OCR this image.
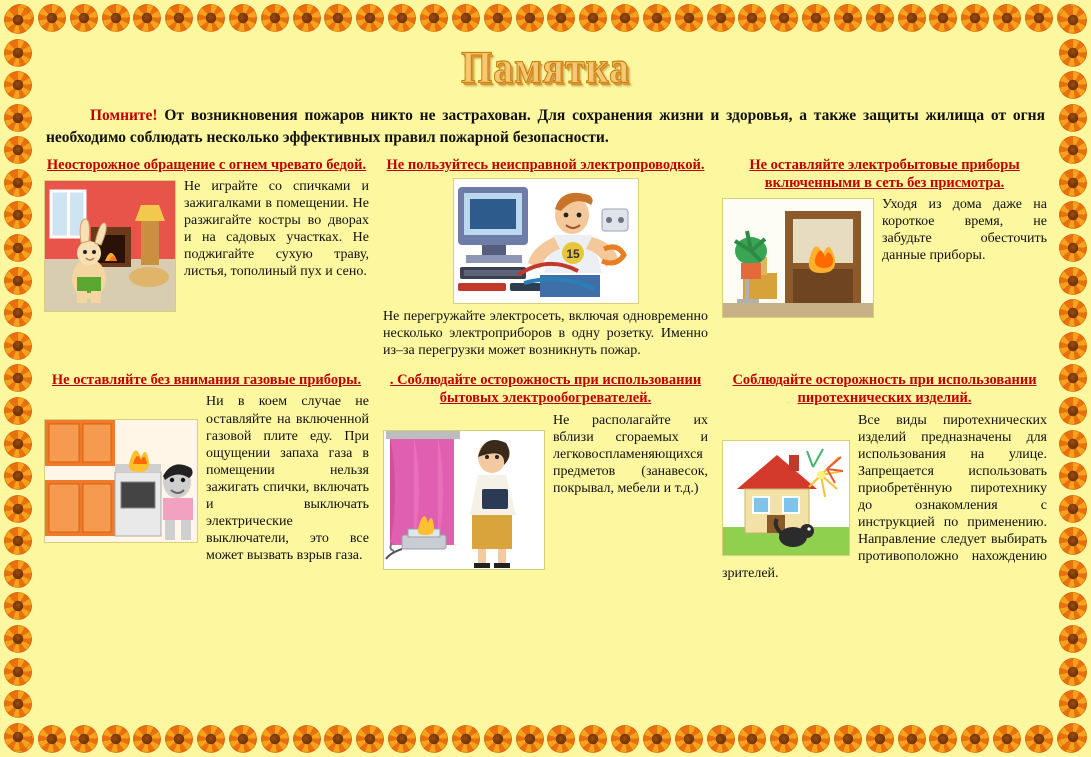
Памятка
Помните! От возникновения пожаров никто не застрахован. Для сохранения жизни и здоровья, а также защиты жилища от огня необходимо соблюдать несколько эффективных правил пожарной безопасности.
Неосторожное обращение с огнем чревато бедой.
Не играйте со спичками и зажигалками в помещении. Не разжигайте костры во дворах и на садовых участках. Не поджигайте сухую траву, листья, тополиный пух и сено.
Не пользуйтесь неисправной электропроводкой.
15
Не перегружайте электросеть, включая одновременно несколько электроприборов в одну розетку. Именно из–за перегрузки может возникнуть пожар.
Не оставляйте электробытовые приборы включенными в сеть без присмотра.
Уходя из дома даже на короткое время, не забудьте обесточить данные приборы.
Не оставляйте без внимания газовые приборы.
Ни в коем случае не оставляйте на включенной газовой плите еду. При ощущении запаха газа в помещении нельзя зажигать спички, включать и выключать электрические выключатели, это все может вызвать взрыв газа.
. Соблюдайте осторожность при использовании бытовых электрообогревателей.
Не располагайте их вблизи сгораемых и легковоспламеняющихся предметов (занавесок, покрывал, мебели и т.д.)
Соблюдайте осторожность при использовании пиротехнических изделий.
Все виды пиротехнических изделий предназначены для использования на улице. Запрещается использовать приобретённую пиротехнику до ознакомления с инструкцией по применению. Направление следует выбирать противоположно нахождению зрителей.
